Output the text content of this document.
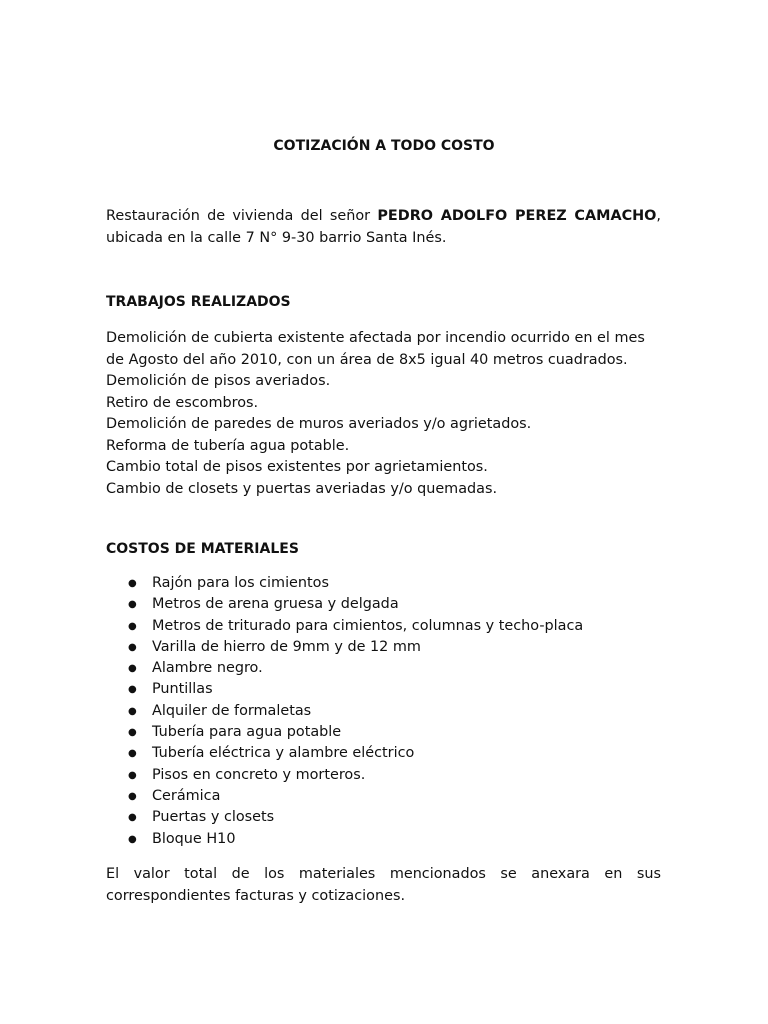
COTIZACIÓN A TODO COSTO

Restauración de vivienda del señor PEDRO ADOLFO PEREZ CAMACHO,

ubicada en la calle 7 N° 9-30 barrio Santa Inés.

TRABAJOS REALIZADOS
Demolición de cubierta existente afectada por incendio ocurrido en el mes
de Agosto del año 2010, con un área de 8x5 igual 40 metros cuadrados.
Demolición de pisos averiados.
Retiro de escombros.
Demolición de paredes de muros averiados y/o agrietados.
Reforma de tubería agua potable.
Cambio total de pisos existentes por agrietamientos.
Cambio de closets y puertas averiadas y/o quemadas.
COSTOS DE MATERIALES
●	Rajón para los cimientos
●	Metros de arena gruesa y delgada
●	Metros de triturado para cimientos, columnas y techo-placa
●	Varilla de hierro de 9mm y de 12 mm
●	Alambre negro.
●	Puntillas
●	Alquiler de formaletas
●	Tubería para agua potable
●	Tubería eléctrica y alambre eléctrico
●	Pisos en concreto y morteros.
●	Cerámica
●	Puertas y closets
●	Bloque H10
El valor total de los materiales mencionados se anexara en sus
correspondientes facturas y cotizaciones.
